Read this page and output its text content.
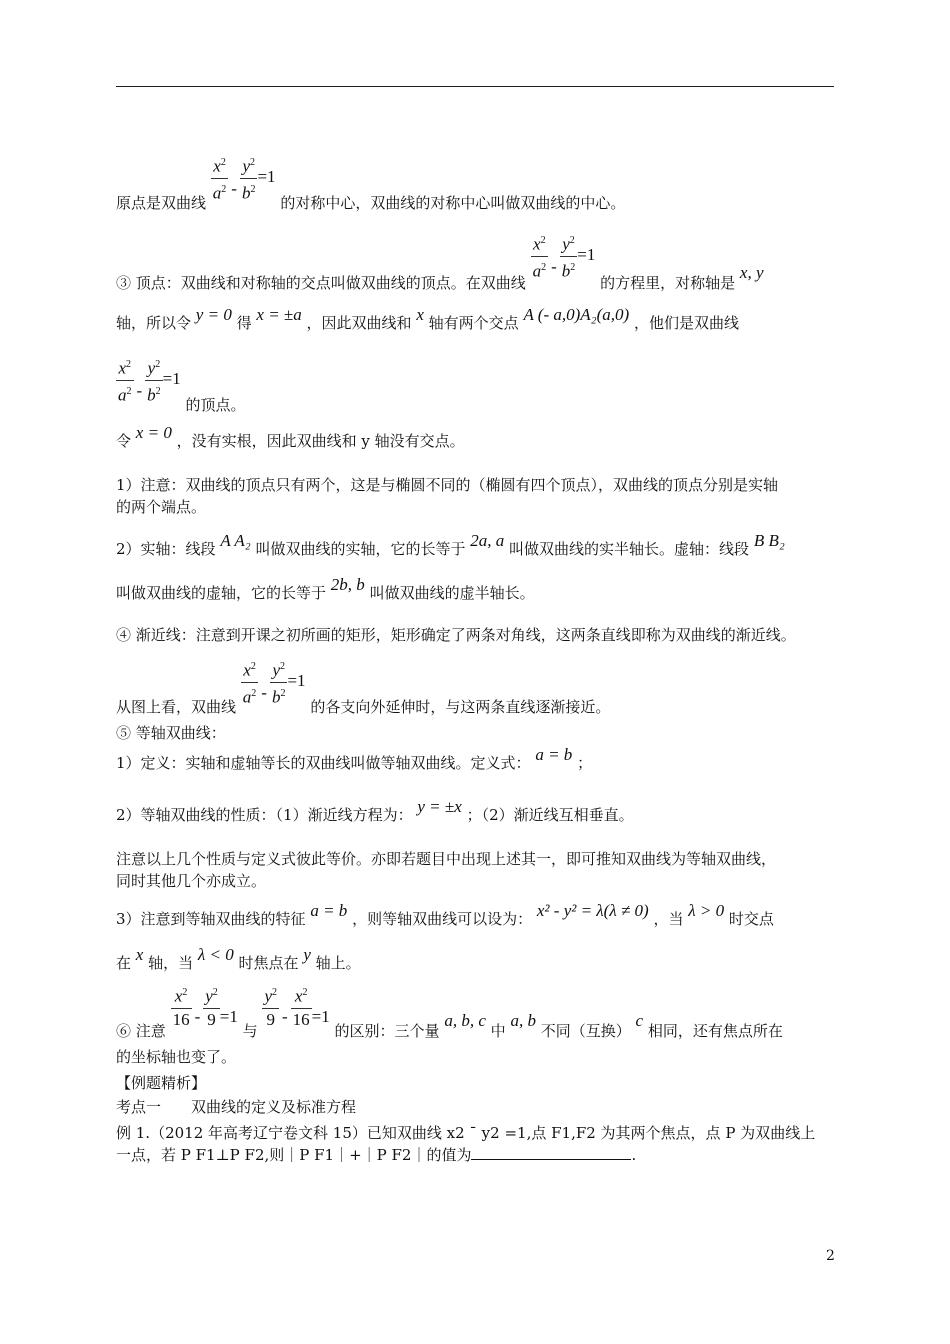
原点是双曲线 $\frac{x^2}{a^2} - \frac{y^2}{b^2} =1$ 的对称中心，双曲线的对称中心叫做双曲线的中心。
③ 顶点：双曲线和对称轴的交点叫做双曲线的顶点。在双曲线
$\frac{x^2}{a^2} - \frac{y^2}{b^2} =1$ 的方程里，对称轴是 x, y
轴，所以令 y = 0 得 x = ±a ，因此双曲线和 x 轴有两个交点 A (- a,0)A₂(a,0) ，他们是双曲线
$\frac{x^2}{a^2} - \frac{y^2}{b^2} =1$ 的顶点。
令 x = 0 ，没有实根，因此双曲线和 y 轴没有交点。
1）注意：双曲线的顶点只有两个，这是与椭圆不同的（椭圆有四个顶点），双曲线的顶点分别是实轴
的两个端点。
2）实轴：线段 A A₂ 叫做双曲线的实轴，它的长等于 2a, a 叫做双曲线的实半轴长。虚轴：线段 B B₂
叫做双曲线的虚轴，它的长等于 2b, b 叫做双曲线的虚半轴长。
④ 渐近线：注意到开课之初所画的矩形，矩形确定了两条对角线，这两条直线即称为双曲线的渐近线。
从图上看，双曲线 $\frac{x^2}{a^2} - \frac{y^2}{b^2} =1$ 的各支向外延伸时，与这两条直线逐渐接近。
⑤ 等轴双曲线：
1）定义：实轴和虚轴等长的双曲线叫做等轴双曲线。定义式： a = b ；
2）等轴双曲线的性质：（1）渐近线方程为： y = ±x ；（2）渐近线互相垂直。
注意以上几个性质与定义式彼此等价。亦即若题目中出现上述其一，即可推知双曲线为等轴双曲线，
同时其他几个亦成立。
3）注意到等轴双曲线的特征 a = b ，则等轴双曲线可以设为： x² - y² = λ(λ ≠ 0) ，当 λ > 0 时交点
在 x 轴，当 λ < 0 时焦点在 y 轴上。
⑥ 注意
$\frac{x^2}{16} - \frac{y^2}{9} =1$ 与
$\frac{y^2}{9} - \frac{x^2}{16} =1$ 的区别：三个量 a, b, c 中 a, b 不同（互换） c 相同，还有焦点所在
的坐标轴也变了。
【例题精析】
考点一　　双曲线的定义及标准方程
例 1.（2012 年高考辽宁卷文科 15）已知双曲线 x2 ˉ y2 =1,点 F1,F2 为其两个焦点，点 P 为双曲线上
一点，若 P F1⊥P F2,则｜P F1｜+｜P F2｜的值为	.
2
